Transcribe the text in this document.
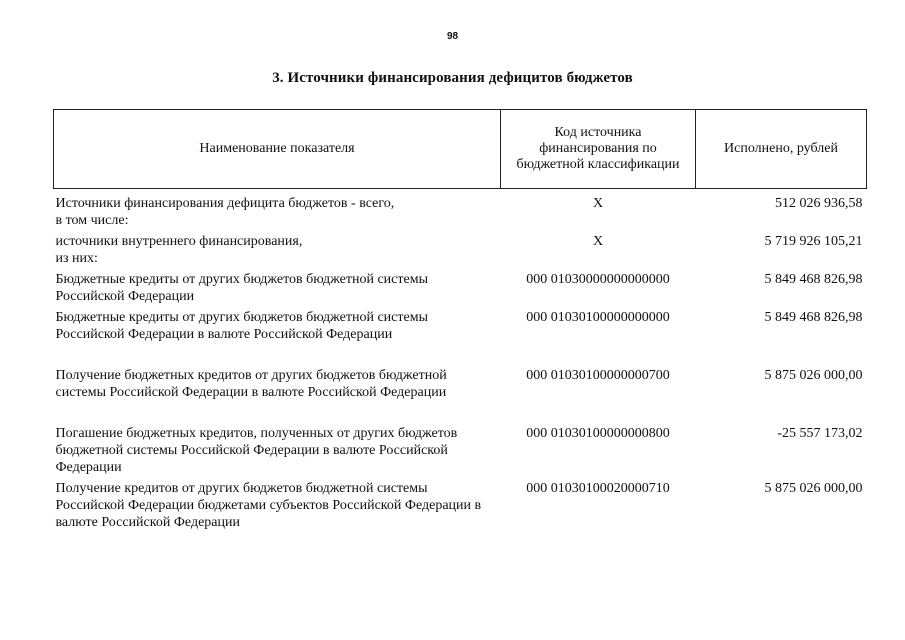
98
3. Источники финансирования дефицитов бюджетов
Наименование показателя	Код источника финансирования по бюджетной классификации	Исполнено, рублей
Источники финансирования дефицита бюджетов - всего,	X	512 026 936,58
в том числе:		
источники внутреннего финансирования,	X	5 719 926 105,21
из них:		
Бюджетные кредиты от других бюджетов бюджетной системы Российской Федерации	000 01030000000000000	5 849 468 826,98
Бюджетные кредиты от других бюджетов бюджетной системы Российской Федерации в валюте Российской Федерации	000 01030100000000000	5 849 468 826,98
Получение бюджетных кредитов от других бюджетов бюджетной системы Российской Федерации в валюте Российской Федерации	000 01030100000000700	5 875 026 000,00
Погашение бюджетных кредитов, полученных от других бюджетов бюджетной системы Российской Федерации в валюте Российской Федерации	000 01030100000000800	-25 557 173,02
Получение кредитов от других бюджетов бюджетной системы Российской Федерации бюджетами субъектов Российской Федерации в валюте Российской Федерации	000 01030100020000710	5 875 026 000,00
